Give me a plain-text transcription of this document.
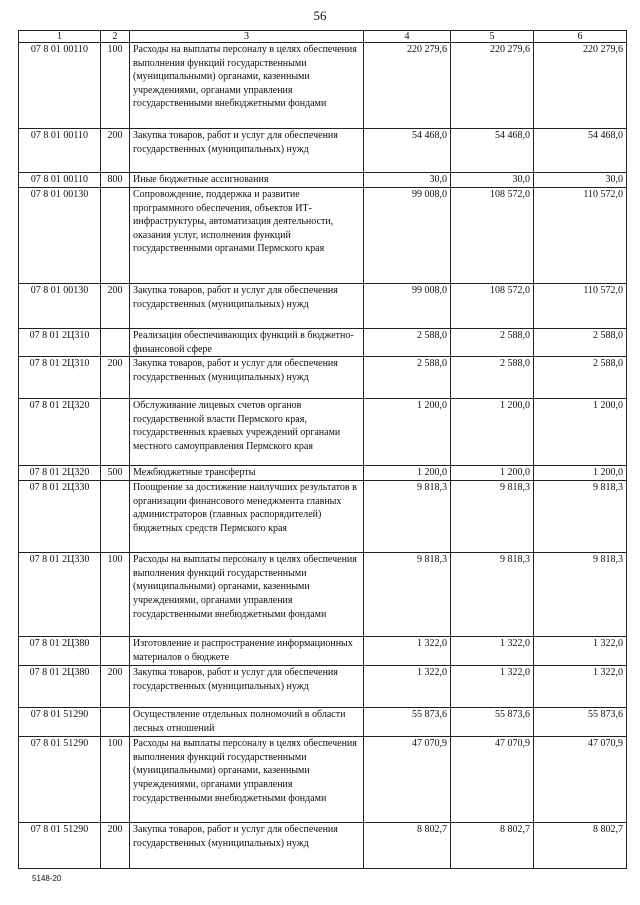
56
1	2	3	4	5	6
07 8 01 00110	100	Расходы на выплаты персоналу в целях обеспечения выполнения функций государственными (муниципальными) органами, казенными учреждениями, органами управления государственными внебюджетными фондами	220 279,6	220 279,6	220 279,6
07 8 01 00110	200	Закупка товаров, работ и услуг для обеспечения государственных (муниципальных) нужд	54 468,0	54 468,0	54 468,0
07 8 01 00110	800	Иные бюджетные ассигнования	30,0	30,0	30,0
07 8 01 00130		Сопровождение, поддержка и развитие программного обеспечения, объектов ИТ-инфраструктуры, автоматизация деятельности, оказания услуг, исполнения функций государственными органами Пермского края	99 008,0	108 572,0	110 572,0
07 8 01 00130	200	Закупка товаров, работ и услуг для обеспечения государственных (муниципальных) нужд	99 008,0	108 572,0	110 572,0
07 8 01 2Ц310		Реализация обеспечивающих функций в бюджетно-финансовой сфере	2 588,0	2 588,0	2 588,0
07 8 01 2Ц310	200	Закупка товаров, работ и услуг для обеспечения государственных (муниципальных) нужд	2 588,0	2 588,0	2 588,0
07 8 01 2Ц320		Обслуживание лицевых счетов органов государственной власти Пермского края, государственных краевых учреждений органами местного самоуправления Пермского края	1 200,0	1 200,0	1 200,0
07 8 01 2Ц320	500	Межбюджетные трансферты	1 200,0	1 200,0	1 200,0
07 8 01 2Ц330		Поощрение за достижение наилучших результатов в организации финансового менеджмента главных администраторов (главных распорядителей) бюджетных средств Пермского края	9 818,3	9 818,3	9 818,3
07 8 01 2Ц330	100	Расходы на выплаты персоналу в целях обеспечения выполнения функций государственными (муниципальными) органами, казенными учреждениями, органами управления государственными внебюджетными фондами	9 818,3	9 818,3	9 818,3
07 8 01 2Ц380		Изготовление и распространение информационных материалов о бюджете	1 322,0	1 322,0	1 322,0
07 8 01 2Ц380	200	Закупка товаров, работ и услуг для обеспечения государственных (муниципальных) нужд	1 322,0	1 322,0	1 322,0
07 8 01 51290		Осуществление отдельных полномочий в области лесных отношений	55 873,6	55 873,6	55 873,6
07 8 01 51290	100	Расходы на выплаты персоналу в целях обеспечения выполнения функций государственными (муниципальными) органами, казенными учреждениями, органами управления государственными внебюджетными фондами	47 070,9	47 070,9	47 070,9
07 8 01 51290	200	Закупка товаров, работ и услуг для обеспечения государственных (муниципальных) нужд	8 802,7	8 802,7	8 802,7
5148-20
